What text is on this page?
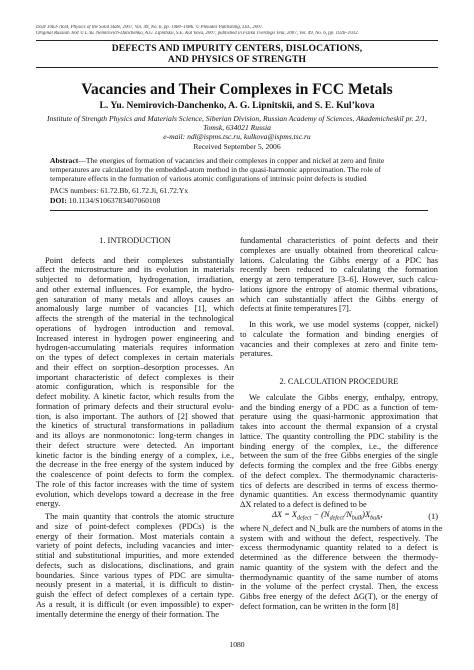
ISSN 1063-7834, Physics of the Solid State, 2007, Vol. 49, No. 6, pp. 1080–1086. © Pleiades Publishing, Ltd., 2007.
Original Russian Text © L.Yu. Nemirovich-Danchenko, A.G. Lipnitskii, S.E. Kul’kova, 2007, published in Fizika Tverdogo Tela, 2007, Vol. 49, No. 6, pp. 1026–1032.
DEFECTS AND IMPURITY CENTERS, DISLOCATIONS,
AND PHYSICS OF STRENGTH
Vacancies and Their Complexes in FCC Metals
L. Yu. Nemirovich-Danchenko, A. G. Lipnitskii, and S. E. Kul’kova
Institute of Strength Physics and Materials Science, Siberian Division, Russian Academy of Sciences, Akademicheskiĭ pr. 2/1,
Tomsk, 634021 Russia
e-mail: ndl@ispms.tsc.ru, kulkova@ispms.tsc.ru
Received September 5, 2006
Abstract—The energies of formation of vacancies and their complexes in copper and nickel at zero and finite
temperatures are calculated by the embedded-atom method in the quasi-harmonic approximation. The role of
temperature effects in the formation of various atomic configurations of intrinsic point defects is studied
PACS numbers: 61.72.Bb, 61.72.Ji, 61.72.Yx
DOI: 10.1134/S1063783407060108
1. INTRODUCTION
Point defects and their complexes substantially
affect the microstructure and its evolution in materials
subjected to deformation, hydrogenation, irradiation,
and other external influences. For example, the hydro-
gen saturation of many metals and alloys causes an
anomalously large number of vacancies [1], which
affects the strength of the material in the technological
operations of hydrogen introduction and removal.
Increased interest in hydrogen power engineering and
hydrogen-accumulating materials requires information
on the types of defect complexes in certain materials
and their effect on sorption–desorption processes. An
important characteristic of defect complexes is their
atomic configuration, which is responsible for the
defect mobility. A kinetic factor, which results from the
formation of primary defects and their structural evolu-
tion, is also important. The authors of [2] showed that
the kinetics of structural transformations in palladium
and its alloys are nonmonotonic: long-term changes in
their defect structure were detected. An important
kinetic factor is the binding energy of a complex, i.e.,
the decrease in the free energy of the system induced by
the coalescence of point defects to form the complex.
The role of this factor increases with the time of system
evolution, which develops toward a decrease in the free
energy.
The main quantity that controls the atomic structure
and size of point-defect complexes (PDCs) is the
energy of their formation. Most materials contain a
variety of point defects, including vacancies and inter-
stitial and substitutional impurities, and more extended
defects, such as dislocations, disclinations, and grain
boundaries. Since various types of PDC are simulta-
neously present in a material, it is difficult to distin-
guish the effect of defect complexes of a certain type.
As a result, it is difficult (or even impossible) to exper-
imentally determine the energy of their formation. The
fundamental characteristics of point defects and their
complexes are usually obtained from theoretical calcu-
lations. Calculating the Gibbs energy of a PDC has
recently been reduced to calculating the formation
energy at zero temperature [3–6]. However, such calcu-
lations ignore the entropy of atomic thermal vibrations,
which can substantially affect the Gibbs energy of
defects at finite temperatures [7].
In this work, we use model systems (copper, nickel)
to calculate the formation and binding energies of
vacancies and their complexes at zero and finite tem-
peratures.
2. CALCULATION PROCEDURE
We calculate the Gibbs energy, enthalpy, entropy,
and the binding energy of a PDC as a function of tem-
perature using the quasi-harmonic approximation that
takes into account the thermal expansion of a crystal
lattice. The quantity controlling the PDC stability is the
binding energy of the complex, i.e., the difference
between the sum of the free Gibbs energies of the single
defects forming the complex and the free Gibbs energy
of the defect complex. The thermodynamic characteris-
tics of defects are described in terms of excess thermo-
dynamic quantities. An excess thermodynamic quantity
ΔX related to a defect is defined to be
$\Delta X = X_{defect} - (N_{defect}/N_{bulk})X_{bulk}$,	(1)
where N_defect and N_bulk are the numbers of atoms in the
system with and without the defect, respectively. The
excess thermodynamic quantity related to a defect is
determined as the difference between the thermody-
namic quantity of the system with the defect and the
thermodynamic quantity of the same number of atoms
in the volume of the perfect crystal. Then, the excess
Gibbs free energy of the defect ΔG(T), or the energy of
defect formation, can be written in the form [8]
1080
